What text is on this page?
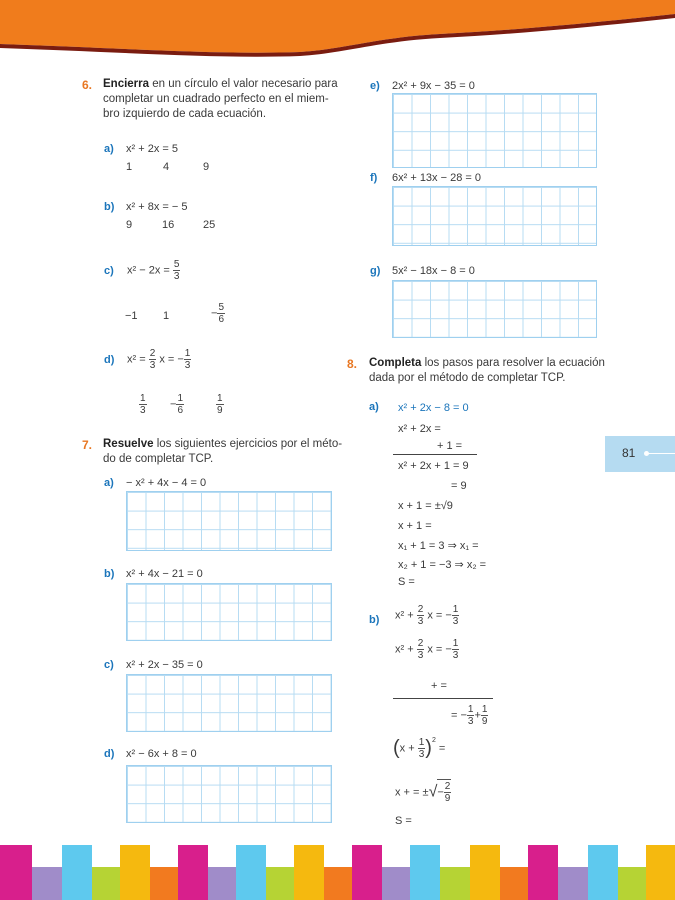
81
6. Encierra en un círculo el valor necesario para
completar un cuadrado perfecto en el miem-
bro izquierdo de cada ecuación.
a) x² + 2x = 5
1	4	9
b) x² + 8x = − 5
9	16	25
c) $x^2 - 2x = \frac{5}{3}$
−1 1	− $\frac{5}{6}$
d) $x^2 = \frac{2}{3}$ x = − $\frac{1}{3}$
$\frac{1}{3} - \frac{1}{6}$	$\frac{1}{9}$
e) 2x² + 9x − 35 = 0
f) 6x² + 13x − 28 = 0
g) 5x² − 18x − 8 = 0
7. Resuelve los siguientes ejercicios por el méto-
do de completar TCP.
a) − x² + 4x − 4 = 0
b) x² + 4x − 21 = 0
c) x² + 2x − 35 = 0
d) x² − 6x + 8 = 0
8. Completa los pasos para resolver la ecuación
dada por el método de completar TCP.
a) x² + 2x − 8 = 0
x² + 2x =
+ 1 =
x² + 2x + 1 = 9
= 9
x + 1 = ±√9
x + 1 =
x₁ + 1 = 3 ⇒ x₁ =
x₂ + 1 = −3 ⇒ x₂ =
S =
b) $x^2 + \frac{2}{3}$ x = − $\frac{1}{3}$
$x^2 + \frac{2}{3}$ x = − $\frac{1}{3}$
+ =
= − $\frac{1}{3} + \frac{1}{9}$
$(x + \frac{1}{3} )^2$ =
x + = ±√− $\frac{2}{9}$
S =
